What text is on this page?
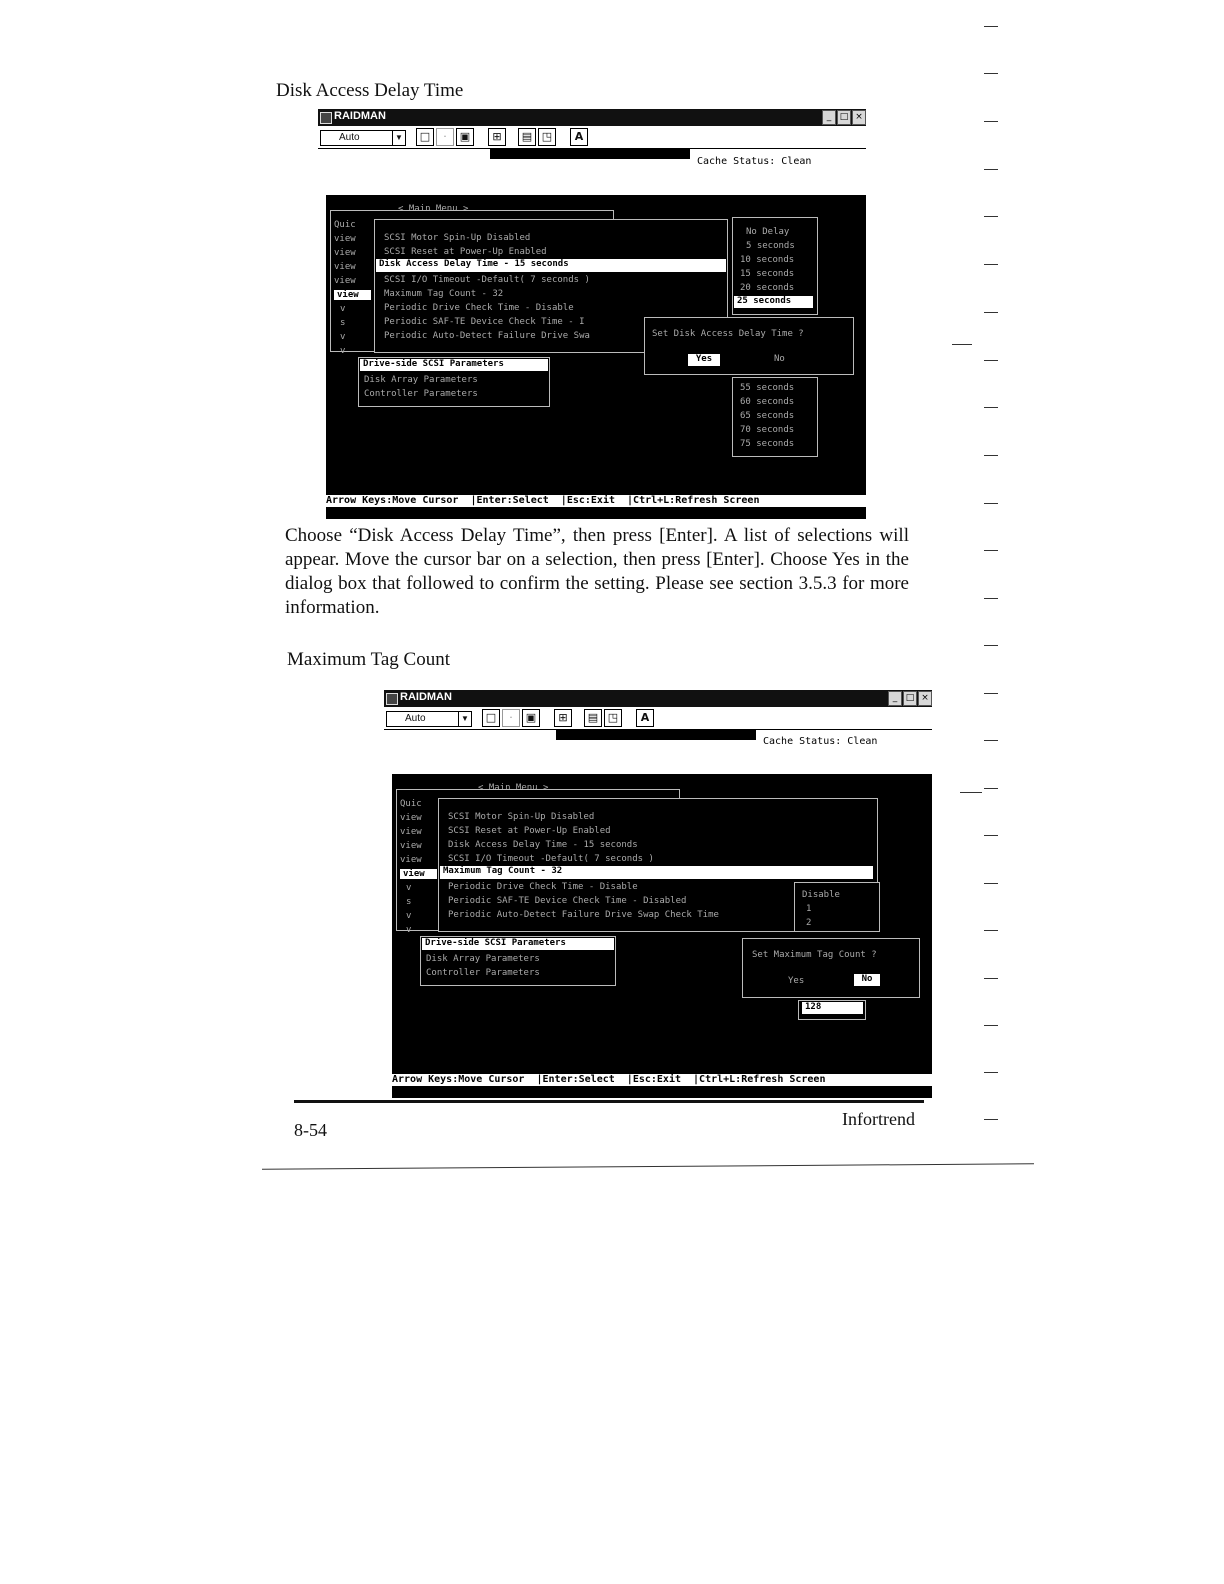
Disk Access Delay Time
RAIDMAN	_ □ ×
Auto	▼	□	·	▣	⊞	▤ ◳	A
Cache Status: Clean
< Main Menu >
Quic
view
view
view
view
view
v
s
v
v
SCSI Motor Spin-Up Disabled
SCSI Reset at Power-Up Enabled
Disk Access Delay Time - 15 seconds
SCSI I/O Timeout -Default( 7 seconds )
Maximum Tag Count - 32
Periodic Drive Check Time - Disable
Periodic SAF-TE Device Check Time - I
Periodic Auto-Detect Failure Drive Swa
Drive-side SCSI Parameters
Disk Array Parameters
Controller Parameters
No Delay
5 seconds
10 seconds
15 seconds
20 seconds
25 seconds
Set Disk Access Delay Time ?
Yes	No
55 seconds
60 seconds
65 seconds
70 seconds
75 seconds
Arrow Keys:Move Cursor  |Enter:Select  |Esc:Exit  |Ctrl+L:Refresh Screen
Choose “Disk Access Delay Time”, then press [Enter]. A list of selections will appear. Move the cursor bar on a selection, then press [Enter]. Choose Yes in the dialog box that followed to confirm the setting. Please see section 3.5.3 for more information.
Maximum Tag Count
RAIDMAN	_ □ ×
Auto	▼	□	·	▣	⊞	▤ ◳	A
Cache Status: Clean
< Main Menu >
Quic
view
view
view
view
view
v
s
v
v
SCSI Motor Spin-Up Disabled
SCSI Reset at Power-Up Enabled
Disk Access Delay Time - 15 seconds
SCSI I/O Timeout -Default( 7 seconds )
Maximum Tag Count - 32
Periodic Drive Check Time - Disable
Periodic SAF-TE Device Check Time - Disabled
Periodic Auto-Detect Failure Drive Swap Check Time
Disable
1
2
Drive-side SCSI Parameters
Disk Array Parameters
Controller Parameters
Set Maximum Tag Count ?
Yes	No
128
Arrow Keys:Move Cursor  |Enter:Select  |Esc:Exit  |Ctrl+L:Refresh Screen
8-54
Infortrend
